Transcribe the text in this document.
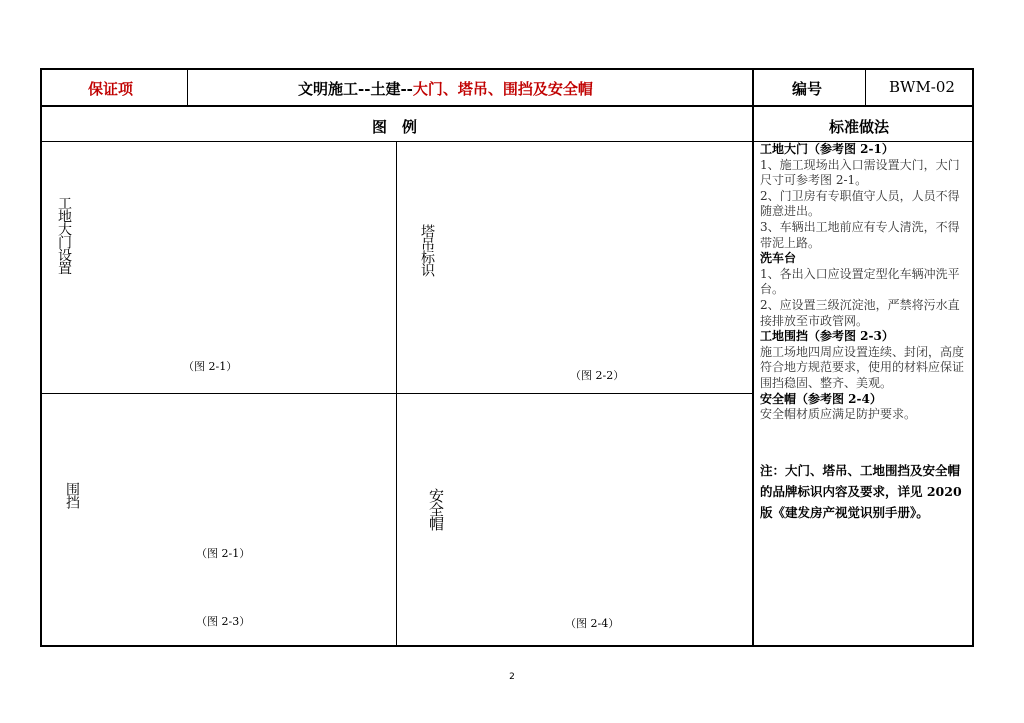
保证项	文明施工--土建--大门、塔吊、围挡及安全帽	编号	BWM-02
图　例	标准做法
工地大门设置
（图 2-1）
塔吊标识
（图 2-2）
围挡
（图 2-1）
（图 2-3）
安全帽
（图 2-4）

工地大门（参考图 2-1）

1、施工现场出入口需设置大门，大门尺寸可参考图 2-1。

2、门卫房有专职值守人员，人员不得随意进出。

3、车辆出工地前应有专人清洗，不得带泥上路。

洗车台

1、各出入口应设置定型化车辆冲洗平台。

2、应设置三级沉淀池，严禁将污水直接排放至市政管网。

工地围挡（参考图 2-3）

施工场地四周应设置连续、封闭，高度符合地方规范要求，使用的材料应保证围挡稳固、整齐、美观。

安全帽（参考图 2-4）

安全帽材质应满足防护要求。

注：大门、塔吊、工地围挡及安全帽的品牌标识内容及要求，详见 2020 版《建发房产视觉识别手册》。
2
